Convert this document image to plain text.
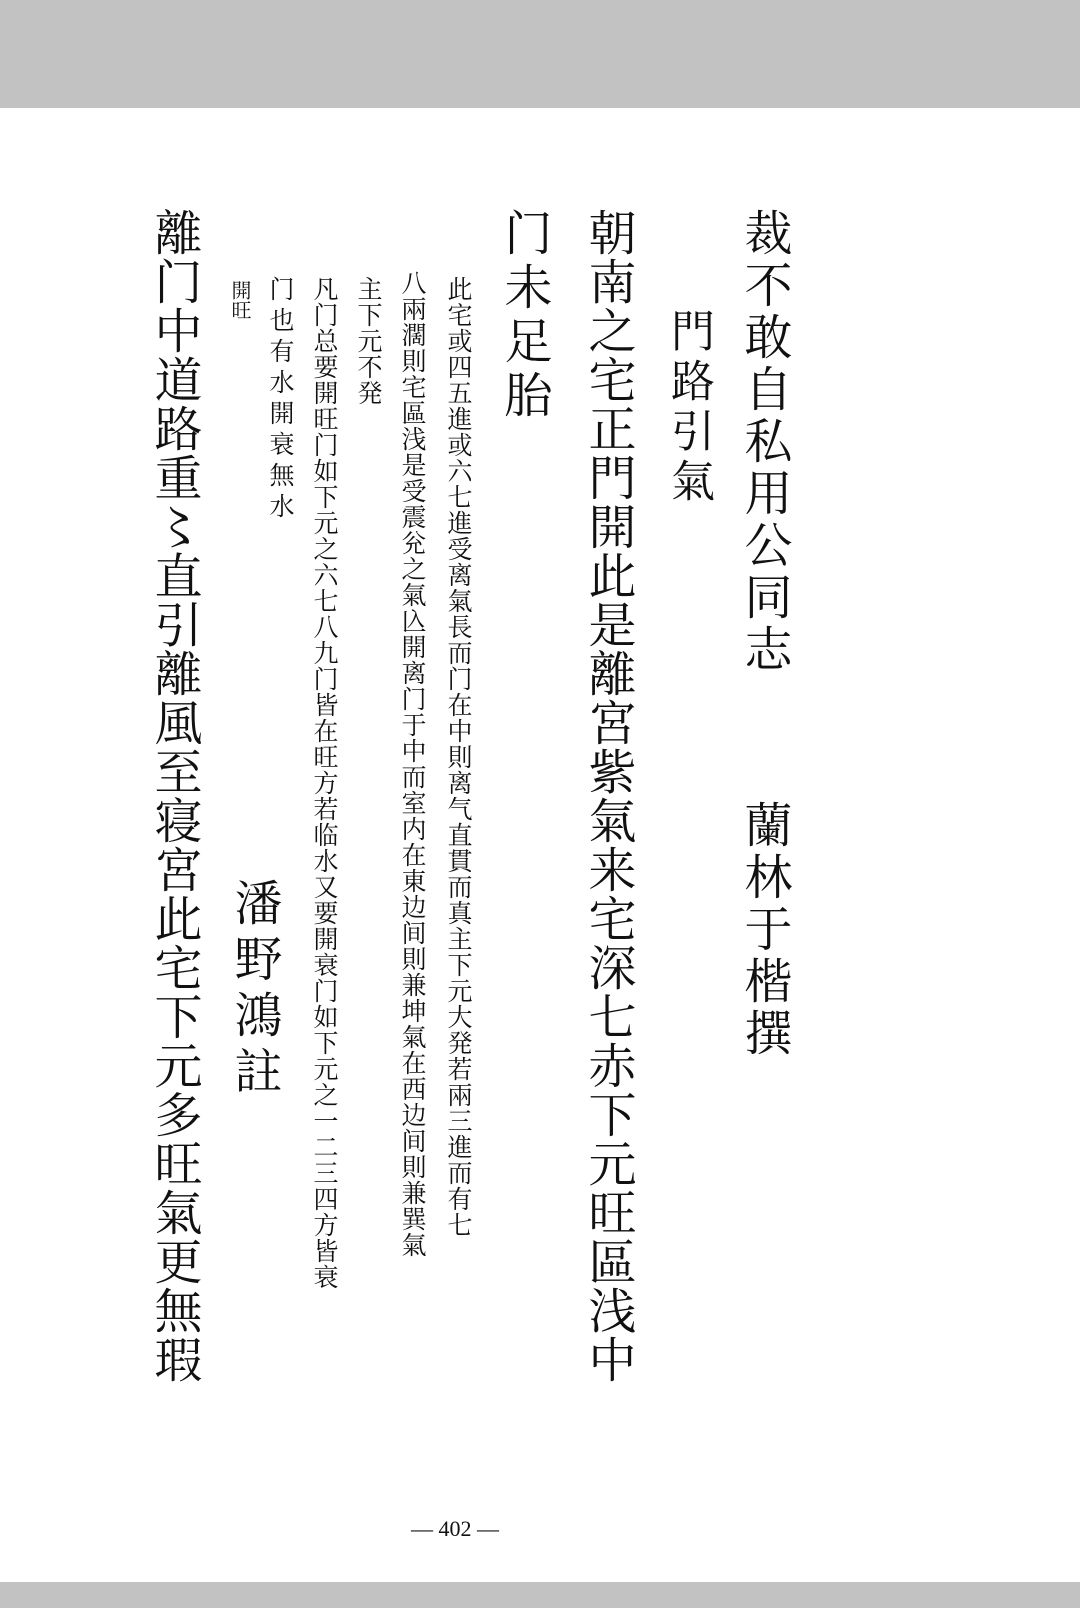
裁不敢自私用公同志
蘭林于楷撰
門路引氣
朝南之宅正門開此是離宮紫氣来宅深七赤下元旺區浅中
门未足胎
此宅或四五進或六七進受离氣長而门在中則离气直貫而真主下元大発若兩三進而有七
八兩濶則宅區浅是受震兊之氣兦開离门于中而室内在東边间則兼坤氣在西边间則兼巽氣
主下元不発
凡门总要開旺门如下元之六七八九门皆在旺方若临水又要開衰门如下元之一二三四方皆衰
门也有水開衰無水
開旺
潘野鴻註
離门中道路重〻直引離風至寝宮此宅下元多旺氣更無瑕
— 402 —
